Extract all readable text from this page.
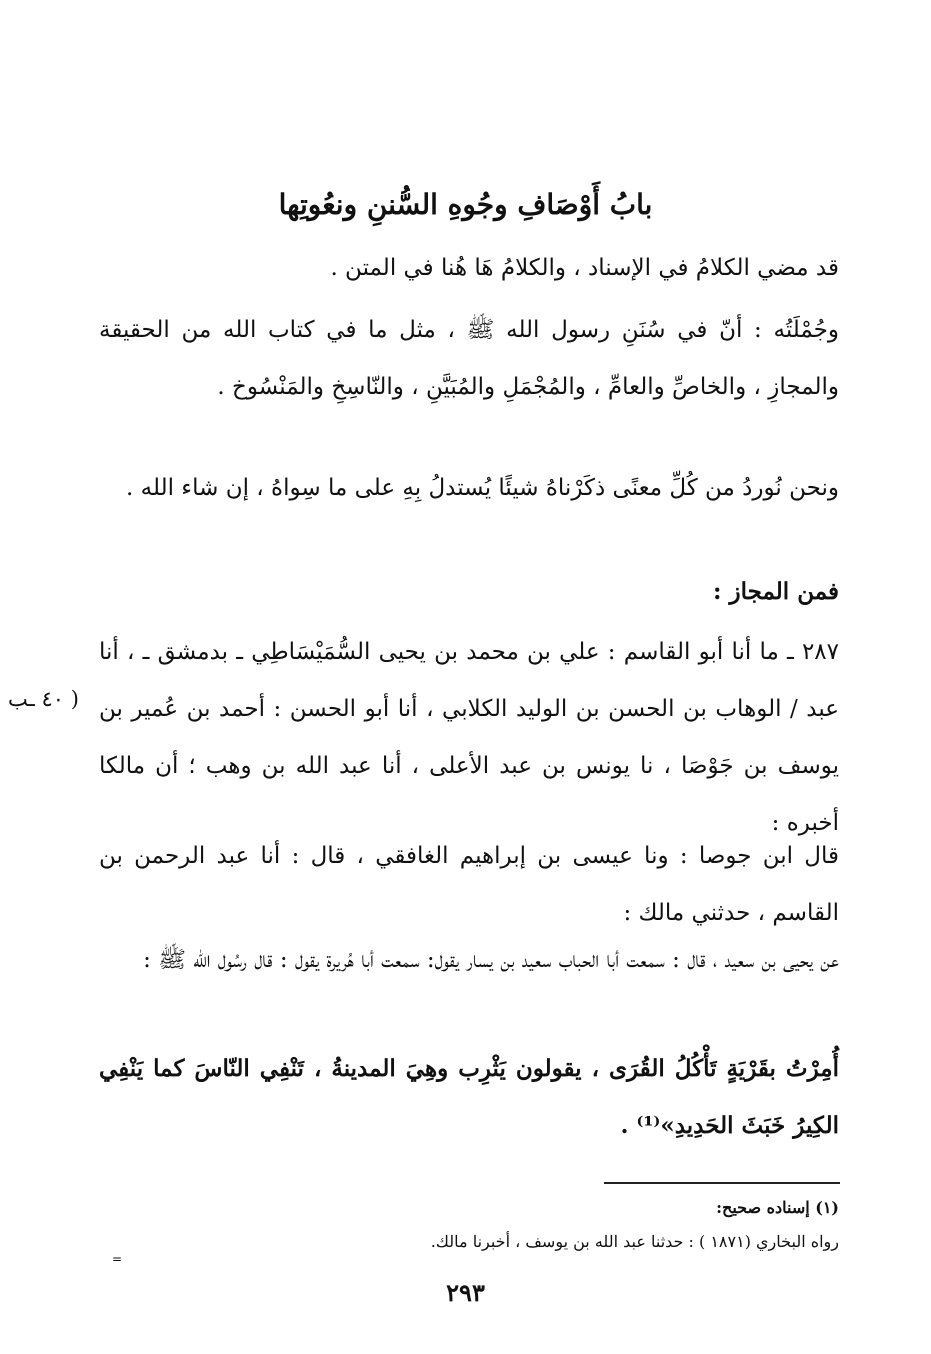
بابُ أَوْصَافِ وجُوهِ السُّننِ ونعُوتِها

قد مضي الكلامُ في الإسناد ، والكلامُ هَا هُنا في المتن .

وجُمْلَتُه : أنّ في سُنَنِ رسول الله ﷺ ، مثل ما في كتاب الله من الحقيقة والمجازِ ، والخاصِّ والعامِّ ، والمُجْمَلِ والمُبَيَّنِ ، والنّاسِخِ والمَنْسُوخ .

ونحن نُوردُ من كُلِّ معنًى ذكَرْناهُ شيئًا يُستدلُ بِهِ على ما سِواهُ ، إن شاء الله .

فمن المجاز :

٢٨٧ ـ ما أنا أبو القاسم : علي بن محمد بن يحيى السُّمَيْسَاطِي ـ بدمشق ـ ، أنا عبد / الوهاب بن الحسن بن الوليد الكلابي ، أنا أبو الحسن : أحمد بن عُمير بن يوسف بن جَوْصَا ، نا يونس بن عبد الأعلى ، أنا عبد الله بن وهب ؛ أن مالكا أخبره :

قال ابن جوصا : ونا عيسى بن إبراهيم الغافقي ، قال : أنا عبد الرحمن بن القاسم ، حدثني مالك :

عن يحيى بن سعيد ، قال : سمعت أبا الحباب سعيد بن يسار يقول: سمعت أبا هُريرة يقول : قال رسُول الله ﷺ :

أُمِرْتُ بقَرْيَةٍ تَأْكُلُ القُرَى ، يقولون يَثْرِب وهِيَ المدينةُ ، تَنْفِي النّاسَ كما يَنْفِي الكِيرُ خَبَثَ الحَدِيدِ»⁽¹⁾ .

( ٤٠ ـب
(١) إسناده صحيح:
رواه البخاري (١٨٧١ ) : حدثنا عبد الله بن يوسف ، أخبرنا مالك.
=
٢٩٣
